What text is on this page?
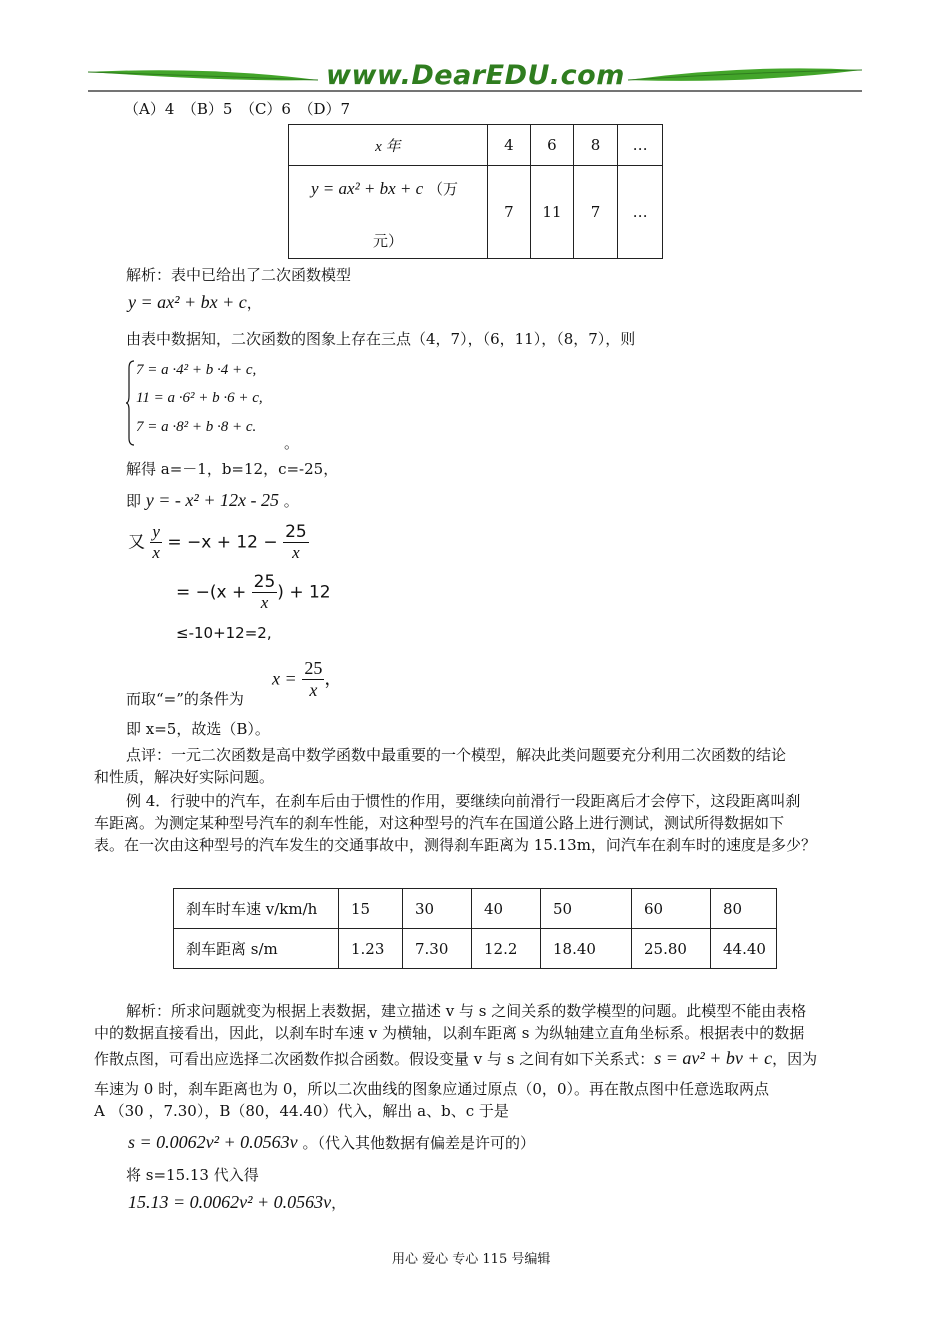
www.DearEDU.com
（A）4　（B）5　（C）6　（D）7
x 年	4	6	8	…

y = ax² + bx + c （万
元）	7	11	7	…
解析：表中已给出了二次函数模型
y = ax² + bx + c，
由表中数据知，二次函数的图象上存在三点（4，7），（6，11），（8，7），则
7 = a ·4² + b ·4 + c,
11 = a ·6² + b ·6 + c,
7 = a ·8² + b ·8 + c.
。
解得 a=－1，b=12，c=-25，
即 y = - x² + 12x - 25 。
又 $\frac{y}{x} = -x + 12 - \frac{25}{x}$
= $-(x + \frac{25}{x}$ ) + 12
≤-10+12=2,
而取“=”的条件为
$x = \frac{25}{x}$ ，
即 x=5，故选（B）。
点评：一元二次函数是高中数学函数中最重要的一个模型，解决此类问题要充分利用二次函数的结论
和性质，解决好实际问题。
例 4．行驶中的汽车，在刹车后由于惯性的作用，要继续向前滑行一段距离后才会停下，这段距离叫刹
车距离。为测定某种型号汽车的刹车性能，对这种型号的汽车在国道公路上进行测试，测试所得数据如下
表。在一次由这种型号的汽车发生的交通事故中，测得刹车距离为 15.13m，问汽车在刹车时的速度是多少？
刹车时车速 v/km/h	15	30	40	50	60	80
刹车距离 s/m	1.23	7.30	12.2	18.40	25.80	44.40
解析：所求问题就变为根据上表数据，建立描述 v 与 s 之间关系的数学模型的问题。此模型不能由表格
中的数据直接看出，因此，以刹车时车速 v 为横轴，以刹车距离 s 为纵轴建立直角坐标系。根据表中的数据
作散点图，可看出应选择二次函数作拟合函数。假设变量 v 与 s 之间有如下关系式：s = av² + bv + c，因为
车速为 0 时，刹车距离也为 0，所以二次曲线的图象应通过原点（0，0）。再在散点图中任意选取两点
A （30 ，7.30），B（80，44.40）代入，解出 a、b、c 于是
s = 0.0062v² + 0.0563v 。（代入其他数据有偏差是许可的）
将 s=15.13 代入得
15.13 = 0.0062v² + 0.0563v，
用心 爱心 专心 115 号编辑
